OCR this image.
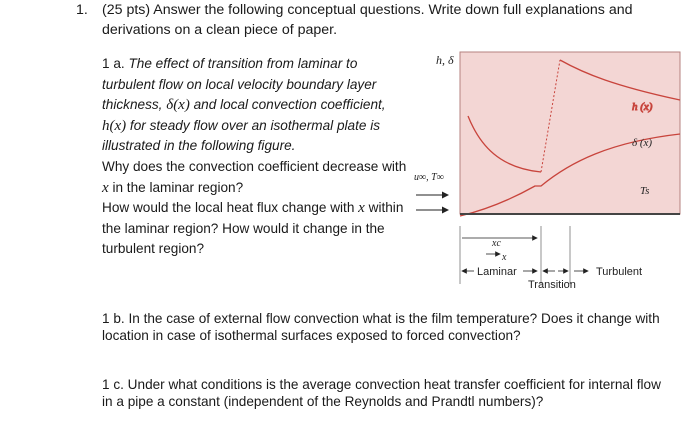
1. (25 pts) Answer the following conceptual questions. Write down full explanations and derivations on a clean piece of paper.
1 a. The effect of transition from laminar to turbulent flow on local velocity boundary layer thickness, δ(x) and local convection coefficient, h(x) for steady flow over an isothermal plate is illustrated in the following figure.
Why does the convection coefficient decrease with x in the laminar region?
How would the local heat flux change with x within the laminar region? How would it change in the turbulent region?
h, δ
h (x)
δ (x)
Ts
u∞, T∞
xc
x
Laminar	Turbulent
Transition
1 b. In the case of external flow convection what is the film temperature? Does it change with location in case of isothermal surfaces exposed to forced convection?
1 c. Under what conditions is the average convection heat transfer coefficient for internal flow in a pipe a constant (independent of the Reynolds and Prandtl numbers)?
